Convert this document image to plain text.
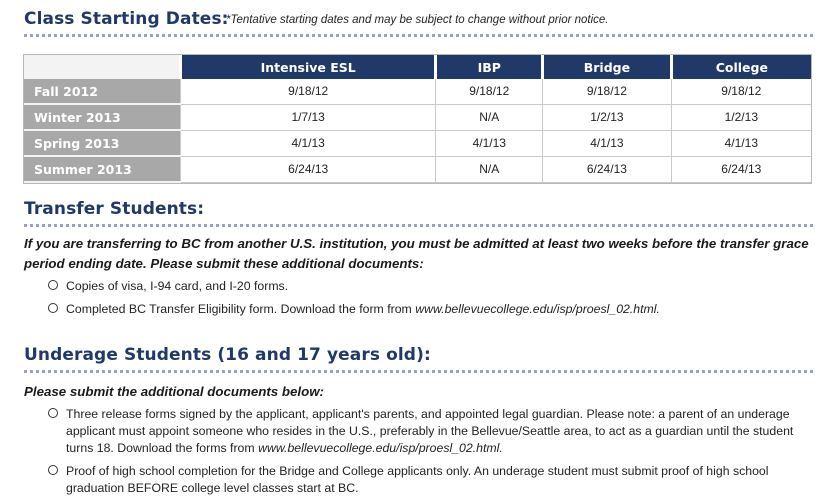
Class Starting Dates:
*Tentative starting dates and may be subject to change without prior notice.
	Intensive ESL	IBP	Bridge	College
Fall 2012	9/18/12	9/18/12	9/18/12	9/18/12
Winter 2013	1/7/13	N/A	1/2/13	1/2/13
Spring 2013	4/1/13	4/1/13	4/1/13	4/1/13
Summer 2013	6/24/13	N/A	6/24/13	6/24/13
Transfer Students:
If you are transferring to BC from another U.S. institution, you must be admitted at least two weeks before the transfer grace period ending date. Please submit these additional documents:
Copies of visa, I-94 card, and I-20 forms.
Completed BC Transfer Eligibility form. Download the form from www.bellevuecollege.edu/isp/proesl_02.html.
Underage Students (16 and 17 years old):
Please submit the additional documents below:
Three release forms signed by the applicant, applicant's parents, and appointed legal guardian. Please note: a parent of an underage applicant must appoint someone who resides in the U.S., preferably in the Bellevue/Seattle area, to act as a guardian until the student turns 18. Download the forms from www.bellevuecollege.edu/isp/proesl_02.html.
Proof of high school completion for the Bridge and College applicants only. An underage student must submit proof of high school graduation BEFORE college level classes start at BC.
